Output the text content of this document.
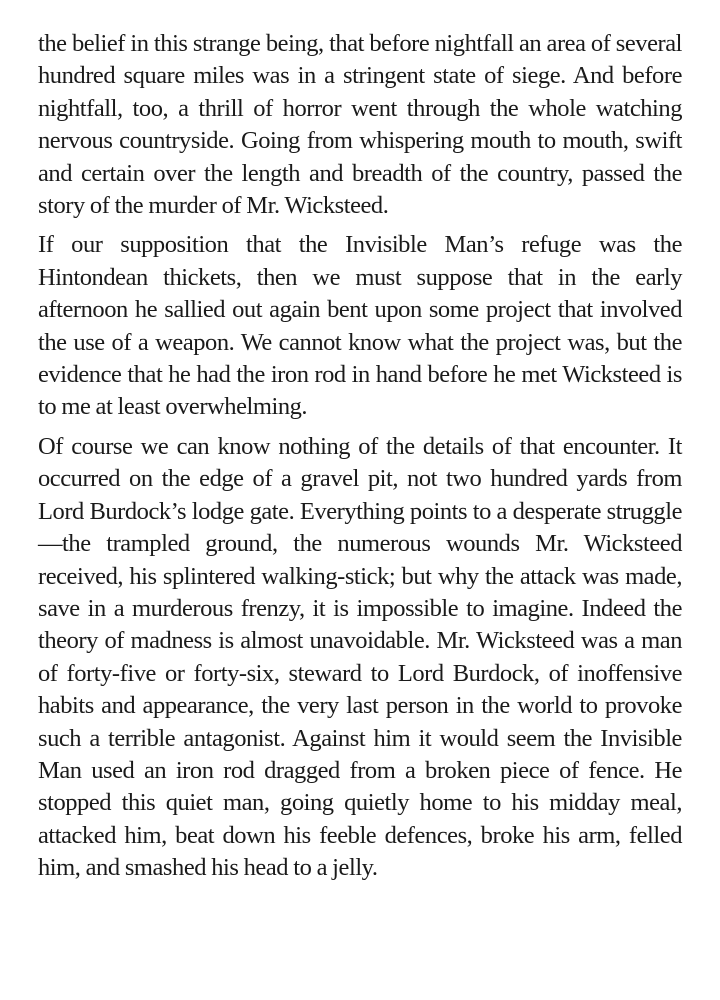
the belief in this strange being, that before nightfall an area of several hundred square miles was in a stringent state of siege. And before nightfall, too, a thrill of horror went through the whole watching nervous countryside. Going from whispering mouth to mouth, swift and certain over the length and breadth of the country, passed the story of the murder of Mr. Wicksteed.

If our supposition that the Invisible Man’s refuge was the Hintondean thickets, then we must suppose that in the early afternoon he sallied out again bent upon some project that involved the use of a weapon. We cannot know what the project was, but the evidence that he had the iron rod in hand before he met Wicksteed is to me at least overwhelming.

Of course we can know nothing of the details of that encounter. It occurred on the edge of a gravel pit, not two hundred yards from Lord Burdock’s lodge gate. Everything points to a desperate struggle—the trampled ground, the numerous wounds Mr. Wicksteed received, his splintered walking-stick; but why the attack was made, save in a murderous frenzy, it is impossible to imagine. Indeed the theory of madness is almost unavoidable. Mr. Wicksteed was a man of forty-five or forty-six, steward to Lord Burdock, of inoffensive habits and appearance, the very last person in the world to provoke such a terrible antagonist. Against him it would seem the Invisible Man used an iron rod dragged from a broken piece of fence. He stopped this quiet man, going quietly home to his midday meal, attacked him, beat down his feeble defences, broke his arm, felled him, and smashed his head to a jelly.
